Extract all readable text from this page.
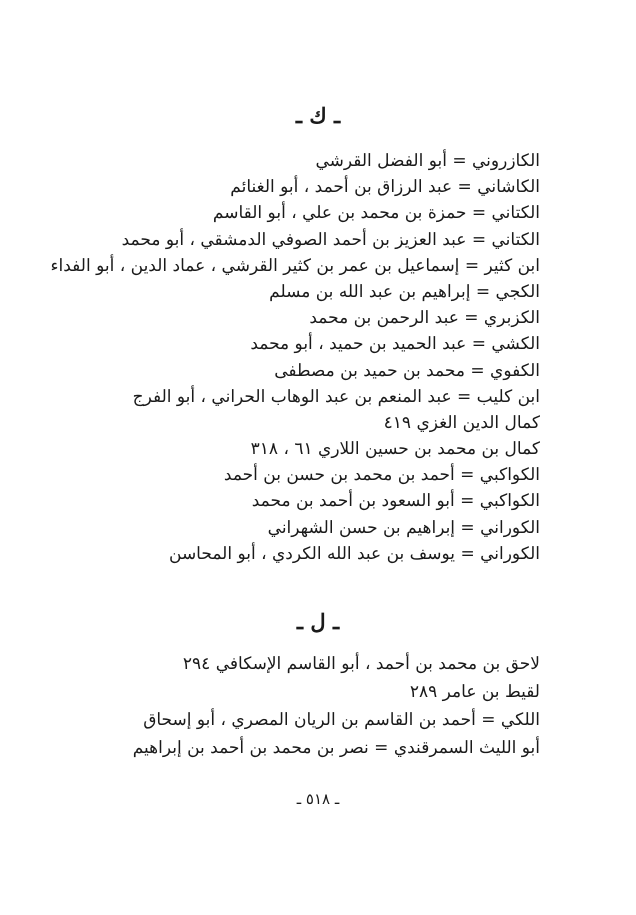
ـ ك ـ
الكازروني = أبو الفضل القرشي
الكاشاني = عبد الرزاق بن أحمد ، أبو الغنائم
الكتاني = حمزة بن محمد بن علي ، أبو القاسم
الكتاني = عبد العزيز بن أحمد الصوفي الدمشقي ، أبو محمد
ابن كثير = إسماعيل بن عمر بن كثير القرشي ، عماد الدين ، أبو الفداء
الكجي = إبراهيم بن عبد الله بن مسلم
الكزبري = عبد الرحمن بن محمد
الكشي = عبد الحميد بن حميد ، أبو محمد
الكفوي = محمد بن حميد بن مصطفى
ابن كليب = عبد المنعم بن عبد الوهاب الحراني ، أبو الفرج
كمال الدين الغزي ٤١٩
كمال بن محمد بن حسين اللاري ٦١ ، ٣١٨
الكواكبي = أحمد بن محمد بن حسن بن أحمد
الكواكبي = أبو السعود بن أحمد بن محمد
الكوراني = إبراهيم بن حسن الشهراني
الكوراني = يوسف بن عبد الله الكردي ، أبو المحاسن
ـ ل ـ
لاحق بن محمد بن أحمد ، أبو القاسم الإسكافي ٢٩٤
لقيط بن عامر ٢٨٩
اللكي = أحمد بن القاسم بن الريان المصري ، أبو إسحاق
أبو الليث السمرقندي = نصر بن محمد بن أحمد بن إبراهيم
ـ ٥١٨ ـ
